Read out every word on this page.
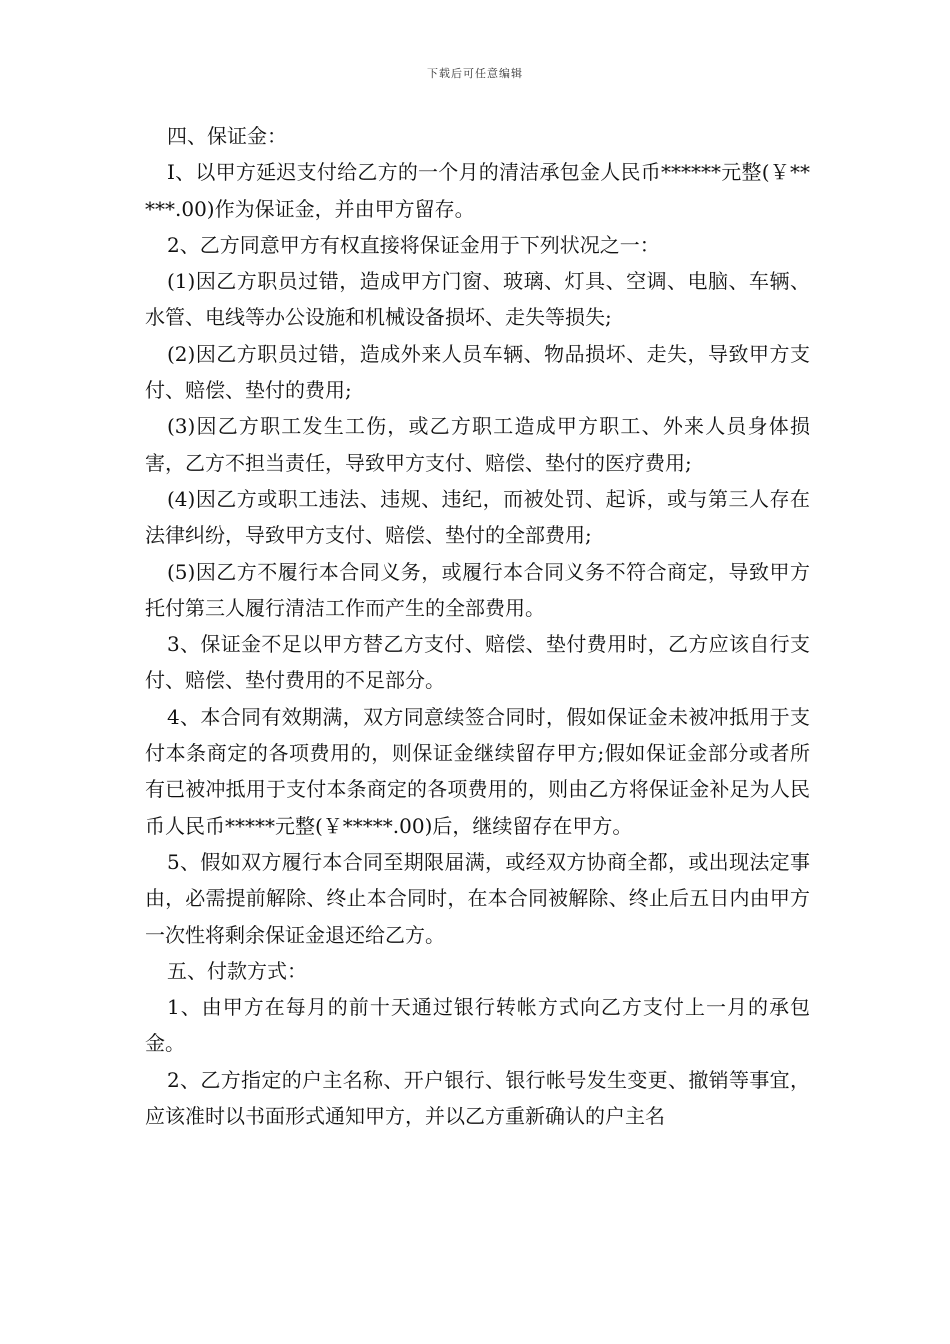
下载后可任意编辑

四、保证金：

I、以甲方延迟支付给乙方的一个月的清洁承包金人民币******元整(￥*****.00)作为保证金，并由甲方留存。

2、乙方同意甲方有权直接将保证金用于下列状况之一：

(1)因乙方职员过错，造成甲方门窗、玻璃、灯具、空调、电脑、车辆、水管、电线等办公设施和机械设备损坏、走失等损失;

(2)因乙方职员过错，造成外来人员车辆、物品损坏、走失，导致甲方支付、赔偿、垫付的费用;

(3)因乙方职工发生工伤，或乙方职工造成甲方职工、外来人员身体损害，乙方不担当责任，导致甲方支付、赔偿、垫付的医疗费用;

(4)因乙方或职工违法、违规、违纪，而被处罚、起诉，或与第三人存在法律纠纷，导致甲方支付、赔偿、垫付的全部费用;

(5)因乙方不履行本合同义务，或履行本合同义务不符合商定，导致甲方托付第三人履行清洁工作而产生的全部费用。

3、保证金不足以甲方替乙方支付、赔偿、垫付费用时，乙方应该自行支付、赔偿、垫付费用的不足部分。

4、本合同有效期满，双方同意续签合同时，假如保证金未被冲抵用于支付本条商定的各项费用的，则保证金继续留存甲方;假如保证金部分或者所有已被冲抵用于支付本条商定的各项费用的，则由乙方将保证金补足为人民币人民币*****元整(￥*****.00)后，继续留存在甲方。

5、假如双方履行本合同至期限届满，或经双方协商全都，或出现法定事由，必需提前解除、终止本合同时，在本合同被解除、终止后五日内由甲方一次性将剩余保证金退还给乙方。

五、付款方式：

1、由甲方在每月的前十天通过银行转帐方式向乙方支付上一月的承包金。

2、乙方指定的户主名称、开户银行、银行帐号发生变更、撤销等事宜，应该准时以书面形式通知甲方，并以乙方重新确认的户主名
